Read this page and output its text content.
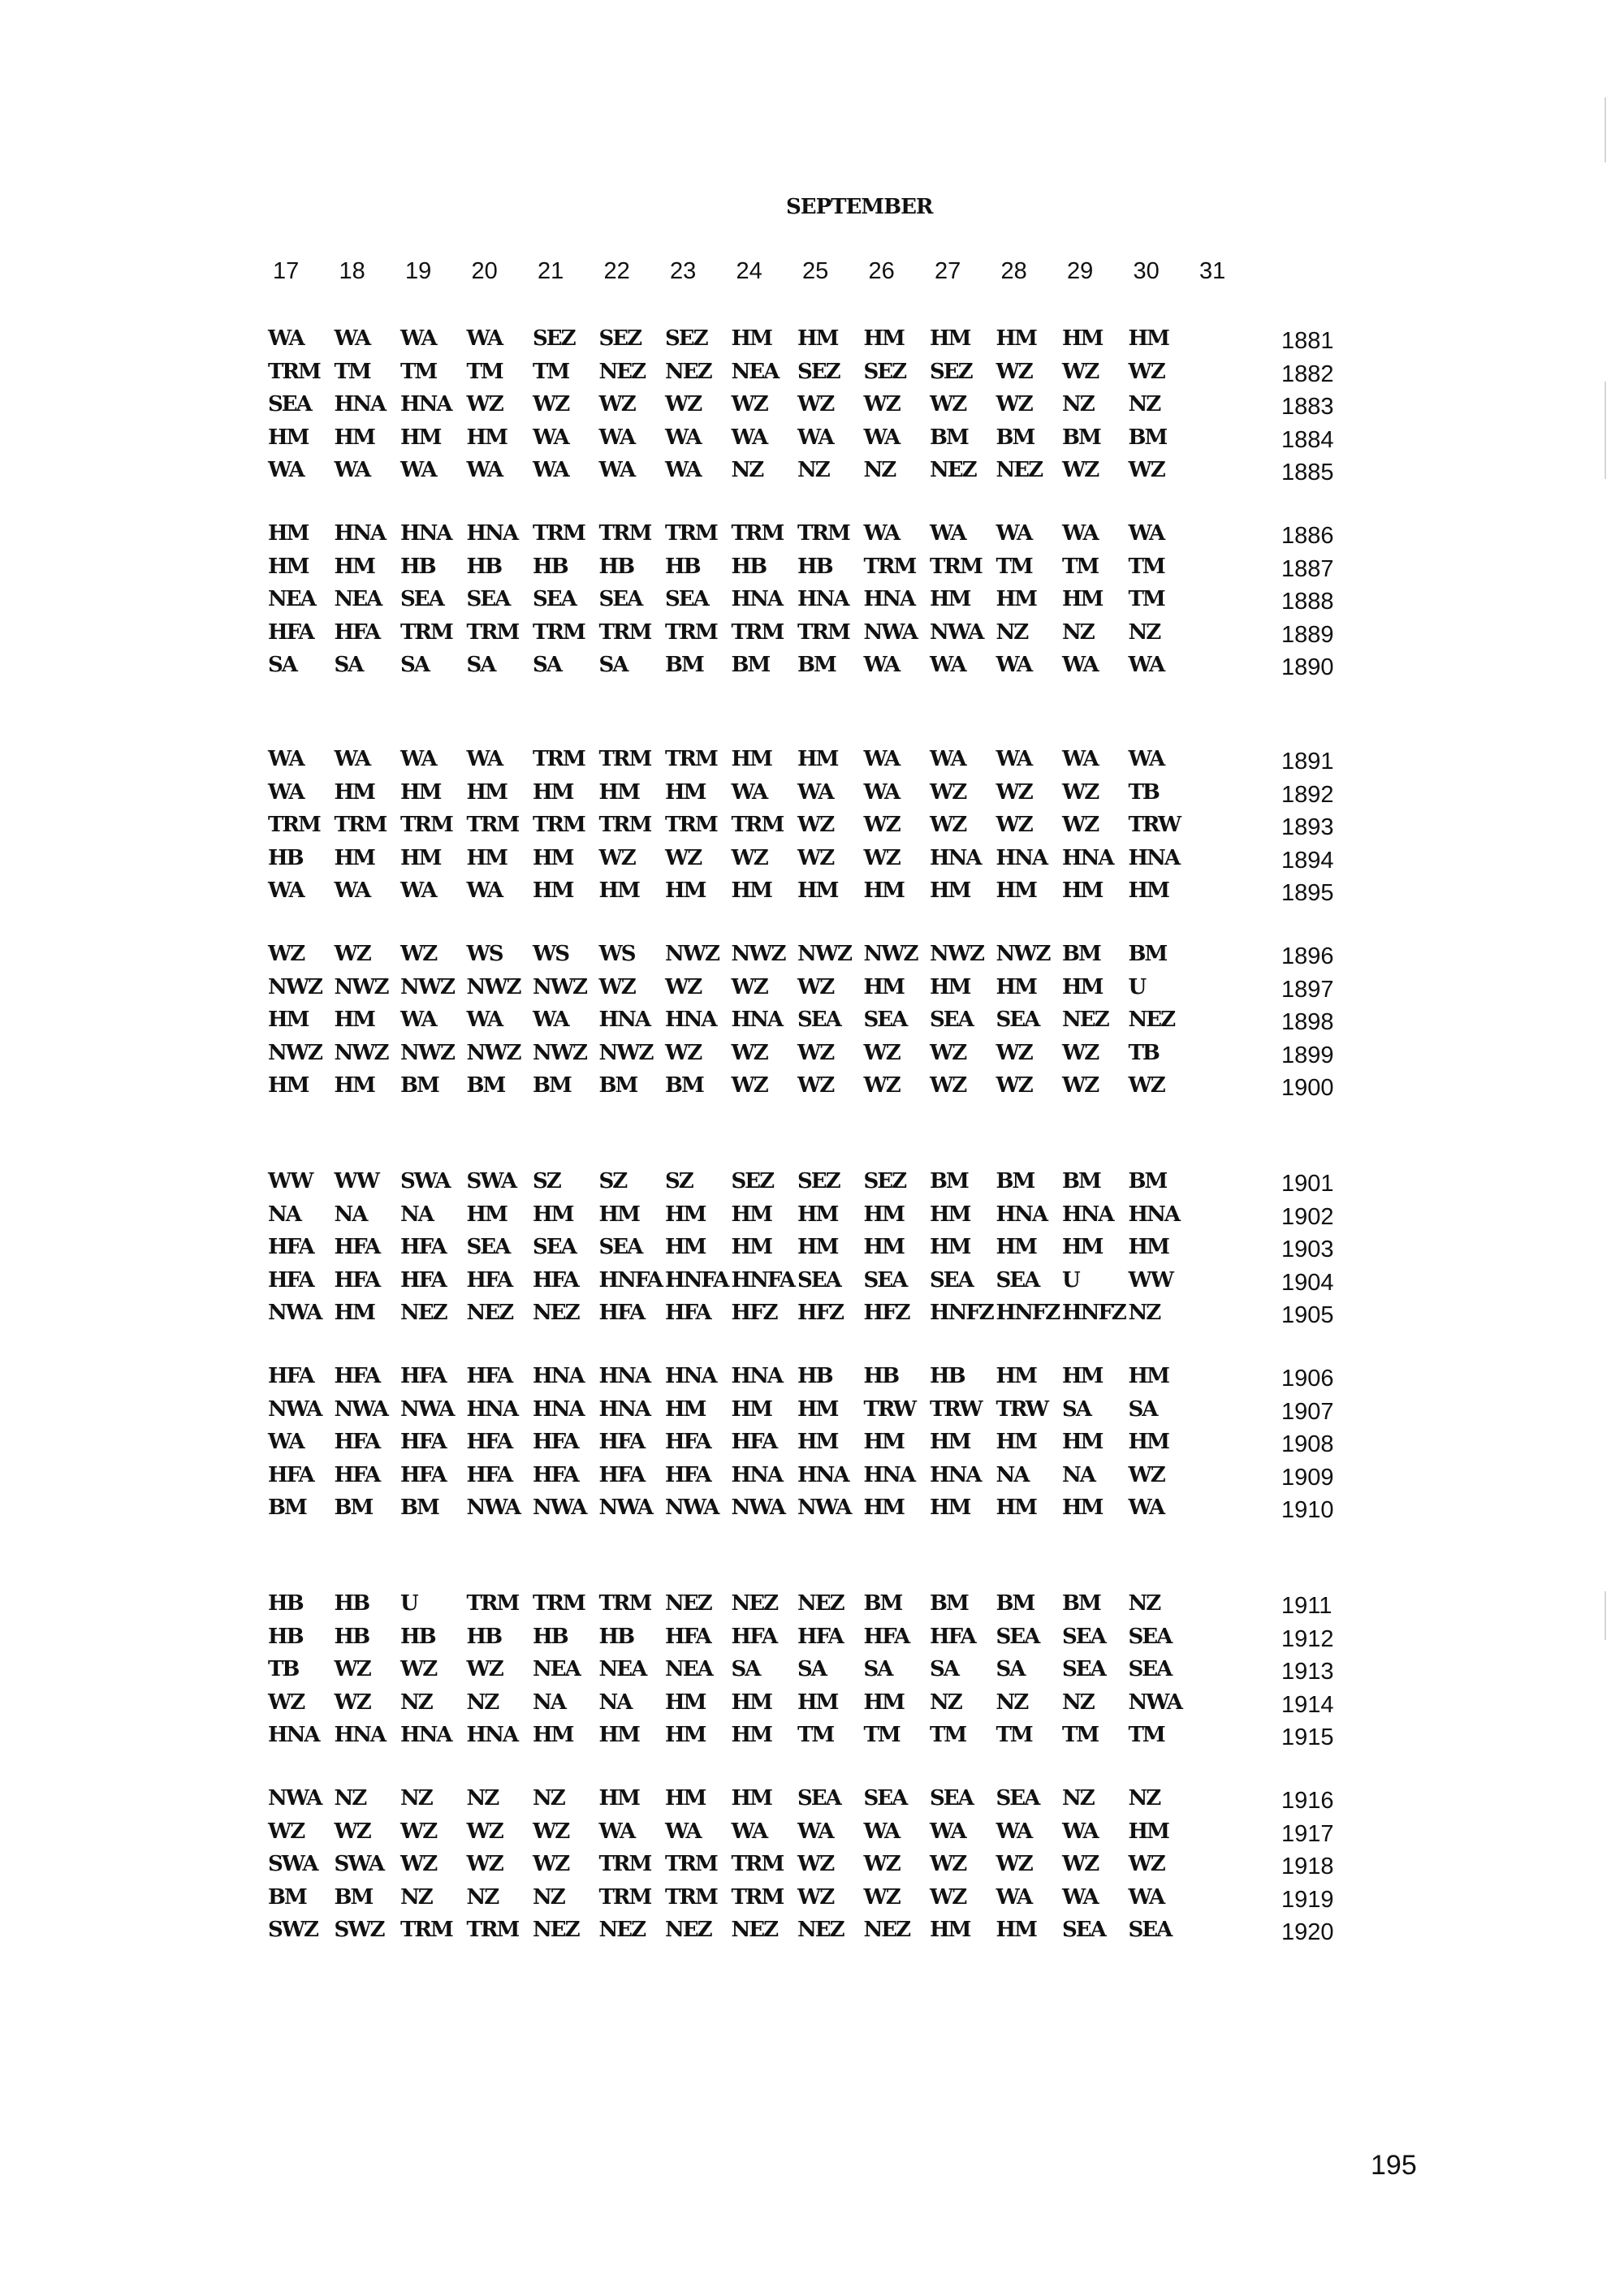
SEPTEMBER
17	18	19	20	21	22	23	24	25	26	27	28	29	30	31
WA	WA	WA	WA	SEZ	SEZ	SEZ	HM	HM	HM	HM	HM	HM	HM	1881
TRM TM	TM	TM	TM	NEZ NEZ NEA SEZ	SEZ	SEZ	WZ	WZ	WZ	1882
SEA	HNA HNA WZ	WZ	WZ	WZ	WZ	WZ	WZ	WZ	WZ	NZ	NZ	1883
HM	HM	HM	HM	WA	WA	WA	WA	WA	WA	BM	BM	BM	BM	1884
WA	WA	WA	WA	WA	WA	WA	NZ	NZ	NZ	NEZ NEZ WZ	WZ	1885
HM	HNA HNA HNA TRM TRM TRM TRM TRM WA	WA	WA	WA	WA	1886
HM	HM	HB	HB	HB	HB	HB	HB	HB	TRM TRM TM	TM	TM	1887
NEA NEA SEA	SEA	SEA	SEA	SEA	HNA HNA HNA HM	HM	HM	TM	1888
HFA HFA TRM TRM TRM TRM TRM TRM TRM NWA NWA NZ	NZ	NZ	1889
SA	SA	SA	SA	SA	SA	BM	BM	BM	WA	WA	WA	WA	WA	1890
WA	WA	WA	WA	TRM TRM TRM HM	HM	WA	WA	WA	WA	WA	1891
WA	HM	HM	HM	HM	HM	HM	WA	WA	WA	WZ	WZ	WZ	TB	1892
TRM TRM TRM TRM TRM TRM TRM TRM WZ	WZ	WZ	WZ	WZ	TRW	1893
HB	HM	HM	HM	HM	WZ	WZ	WZ	WZ	WZ	HNA HNA HNA HNA	1894
WA	WA	WA	WA	HM	HM	HM	HM	HM	HM	HM	HM	HM	HM	1895
WZ	WZ	WZ	WS	WS	WS	NWZ NWZ NWZ NWZ NWZ NWZ BM	BM	1896
NWZ NWZ NWZ NWZ NWZ WZ	WZ	WZ	WZ	HM	HM	HM	HM	U	1897
HM	HM	WA	WA	WA	HNA HNA HNA SEA	SEA	SEA	SEA	NEZ NEZ	1898
NWZ NWZ NWZ NWZ NWZ NWZ WZ	WZ	WZ	WZ	WZ	WZ	WZ	TB	1899
HM	HM	BM	BM	BM	BM	BM	WZ	WZ	WZ	WZ	WZ	WZ	WZ	1900
WW	WW	SWA SWA SZ	SZ	SZ	SEZ	SEZ	SEZ	BM	BM	BM	BM	1901
NA	NA	NA	HM	HM	HM	HM	HM	HM	HM	HM	HNA HNA HNA	1902
HFA HFA HFA SEA	SEA	SEA	HM	HM	HM	HM	HM	HM	HM	HM	1903
HFA HFA HFA HFA HFA HNFA HNFA HNFA SEA	SEA	SEA	SEA	U	WW	1904
NWA HM	NEZ NEZ NEZ HFA HFA HFZ HFZ HFZ HNFZ HNFZ HNFZ NZ	1905
HFA HFA HFA HFA HNA HNA HNA HNA HB	HB	HB	HM	HM	HM	1906
NWA NWA NWA HNA HNA HNA HM	HM	HM	TRW TRW TRW SA	SA	1907
WA	HFA HFA HFA HFA HFA HFA HFA HM	HM	HM	HM	HM	HM	1908
HFA HFA HFA HFA HFA HFA HFA HNA HNA HNA HNA NA	NA	WZ	1909
BM	BM	BM	NWA NWA NWA NWA NWA NWA HM	HM	HM	HM	WA	1910
HB	HB	U	TRM TRM TRM NEZ NEZ NEZ BM	BM	BM	BM	NZ	1911
HB	HB	HB	HB	HB	HB	HFA HFA HFA HFA HFA SEA	SEA	SEA	1912
TB	WZ	WZ	WZ	NEA NEA NEA SA	SA	SA	SA	SA	SEA	SEA	1913
WZ	WZ	NZ	NZ	NA	NA	HM	HM	HM	HM	NZ	NZ	NZ	NWA	1914
HNA HNA HNA HNA HM	HM	HM	HM	TM	TM	TM	TM	TM	TM	1915
NWA NZ	NZ	NZ	NZ	HM	HM	HM	SEA	SEA	SEA	SEA	NZ	NZ	1916
WZ	WZ	WZ	WZ	WZ	WA	WA	WA	WA	WA	WA	WA	WA	HM	1917
SWA SWA WZ	WZ	WZ	TRM TRM TRM WZ	WZ	WZ	WZ	WZ	WZ	1918
BM	BM	NZ	NZ	NZ	TRM TRM TRM WZ	WZ	WZ	WA	WA	WA	1919
SWZ SWZ TRM TRM NEZ NEZ NEZ NEZ NEZ NEZ HM	HM	SEA	SEA	1920
195
